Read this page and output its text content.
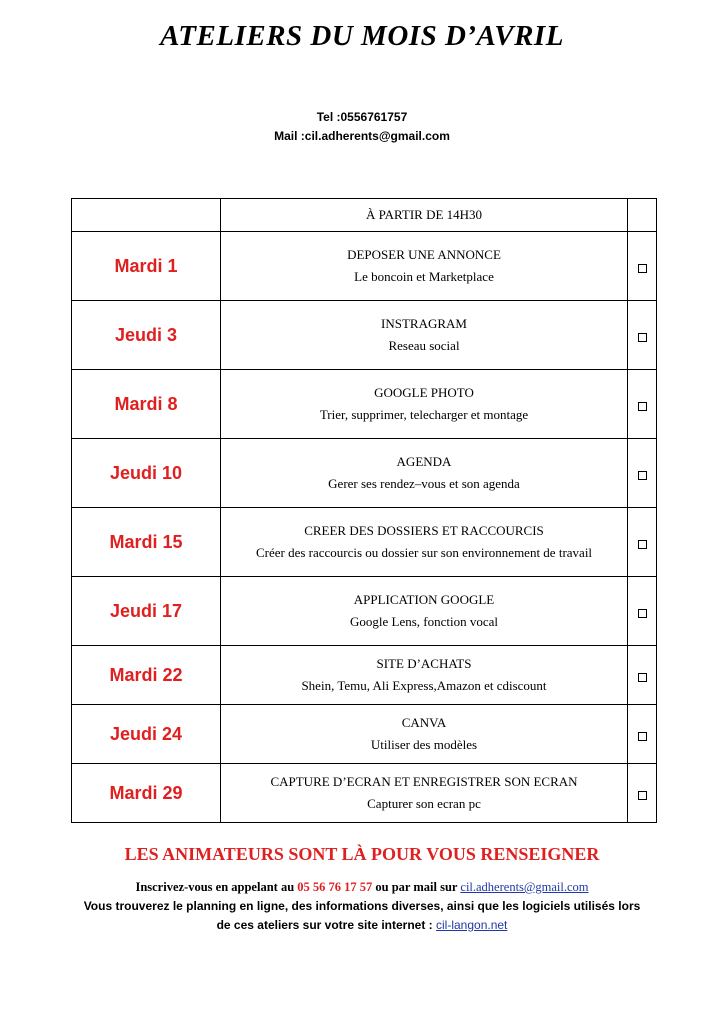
ATELIERS DU MOIS D’AVRIL
Tel :0556761757
Mail :cil.adherents@gmail.com
	À PARTIR DE 14H30	
Mardi 1	DEPOSER UNE ANNONCE
Le boncoin et Marketplace	

Jeudi 3	INSTRAGRAM
Reseau social	

Mardi 8	GOOGLE PHOTO
Trier, supprimer, telecharger et montage	

Jeudi 10	AGENDA
Gerer ses rendez–vous et son agenda	

Mardi 15	CREER DES DOSSIERS ET RACCOURCIS
Créer des raccourcis ou dossier sur son environnement de travail	

Jeudi 17	APPLICATION GOOGLE
Google Lens, fonction vocal	

Mardi 22	SITE D’ACHATS
Shein, Temu, Ali Express,Amazon et cdiscount	

Jeudi 24	CANVA
Utiliser des modèles	

Mardi 29	CAPTURE D’ECRAN ET ENREGISTRER SON ECRAN
Capturer son ecran pc	

LES ANIMATEURS SONT LÀ POUR VOUS RENSEIGNER
Inscrivez-vous en appelant au 05 56 76 17 57 ou par mail sur cil.adherents@gmail.com
Vous trouverez le planning en ligne, des informations diverses, ainsi que les logiciels utilisés lors
de ces ateliers sur votre site internet : cil-langon.net
